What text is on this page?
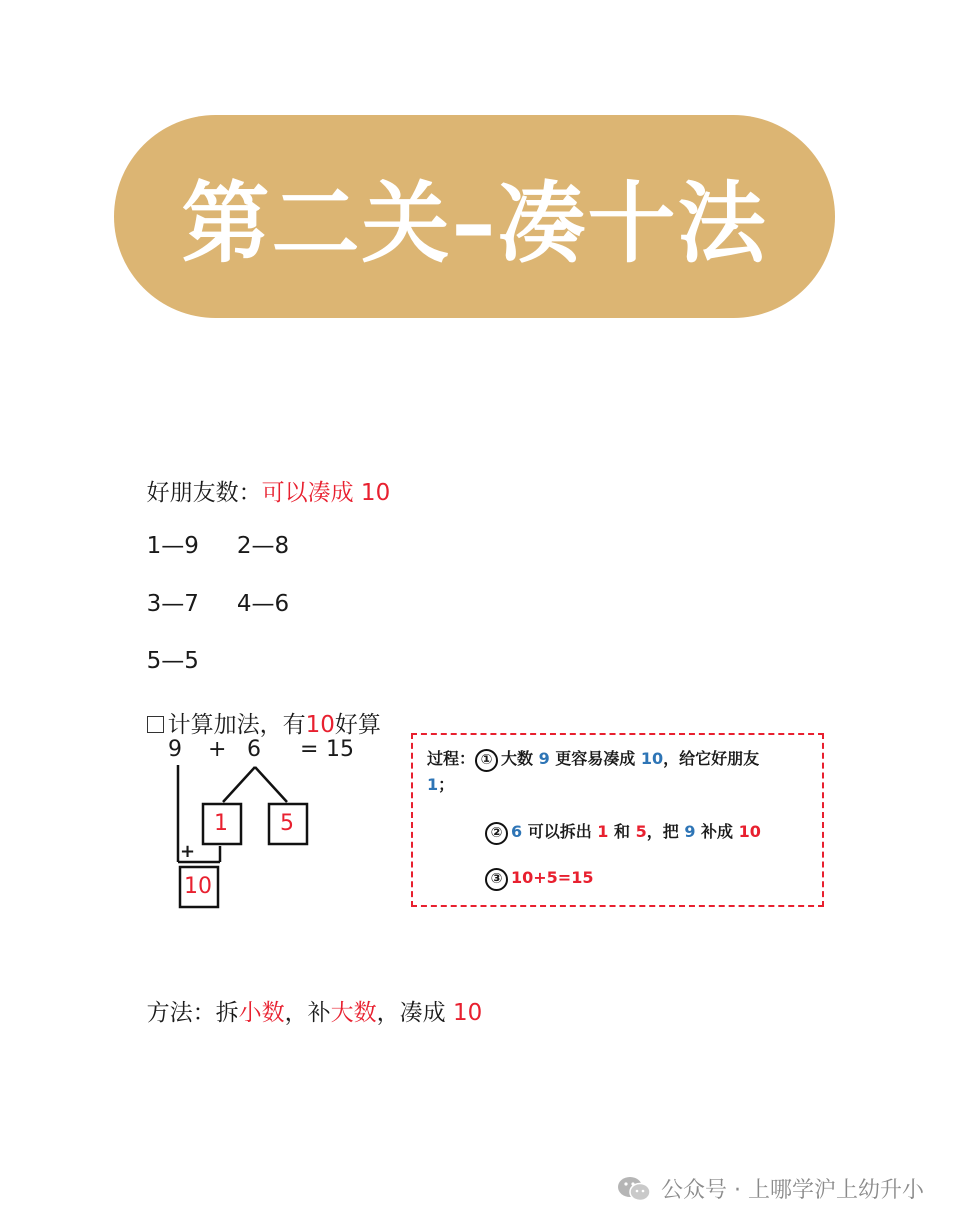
第二关–凑十法

好朋友数：可以凑成 10

1—9 2—8

3—7 4—6

5—5

计算加法，有10好算

9 + 6 = 15
1 5
+
10
过程： ① 大数 9 更容易凑成 10，给它好朋友
1；
② 6 可以拆出 1 和 5，把 9 补成 10
③ 10+5=15

方法：拆小数，补大数，凑成 10

公众号 · 上哪学沪上幼升小
